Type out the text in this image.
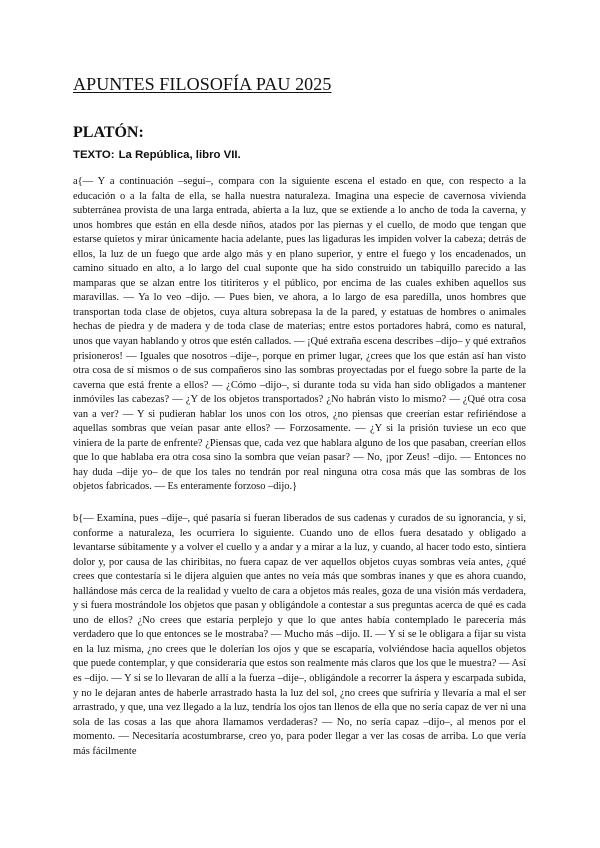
APUNTES FILOSOFÍA PAU 2025
PLATÓN:

TEXTO: La República, libro VII.

a{— Y a continuación –seguí–, compara con la siguiente escena el estado en que, con respecto a la educación o a la falta de ella, se halla nuestra naturaleza. Imagina una especie de cavernosa vivienda subterránea provista de una larga entrada, abierta a la luz, que se extiende a lo ancho de toda la caverna, y unos hombres que están en ella desde niños, atados por las piernas y el cuello, de modo que tengan que estarse quietos y mirar únicamente hacia adelante, pues las ligaduras les impiden volver la cabeza; detrás de ellos, la luz de un fuego que arde algo más y en plano superior, y entre el fuego y los encadenados, un camino situado en alto, a lo largo del cual suponte que ha sido construido un tabiquillo parecido a las mamparas que se alzan entre los titiriteros y el público, por encima de las cuales exhiben aquellos sus maravillas. — Ya lo veo –dijo. — Pues bien, ve ahora, a lo largo de esa paredilla, unos hombres que transportan toda clase de objetos, cuya altura sobrepasa la de la pared, y estatuas de hombres o animales hechas de piedra y de madera y de toda clase de materias; entre estos portadores habrá, como es natural, unos que vayan hablando y otros que estén callados. — ¡Qué extraña escena describes –dijo– y qué extraños prisioneros! — Iguales que nosotros –dije–, porque en primer lugar, ¿crees que los que están así han visto otra cosa de sí mismos o de sus compañeros sino las sombras proyectadas por el fuego sobre la parte de la caverna que está frente a ellos? — ¿Cómo –dijo–, si durante toda su vida han sido obligados a mantener inmóviles las cabezas? — ¿Y de los objetos transportados? ¿No habrán visto lo mismo? — ¿Qué otra cosa van a ver? — Y si pudieran hablar los unos con los otros, ¿no piensas que creerían estar refiriéndose a aquellas sombras que veían pasar ante ellos? — Forzosamente. — ¿Y si la prisión tuviese un eco que viniera de la parte de enfrente? ¿Piensas que, cada vez que hablara alguno de los que pasaban, creerían ellos que lo que hablaba era otra cosa sino la sombra que veían pasar? — No, ¡por Zeus! –dijo. — Entonces no hay duda –dije yo– de que los tales no tendrán por real ninguna otra cosa más que las sombras de los objetos fabricados. — Es enteramente forzoso –dijo.}

b{— Examina, pues –dije–, qué pasaría si fueran liberados de sus cadenas y curados de su ignorancia, y si, conforme a naturaleza, les ocurriera lo siguiente. Cuando uno de ellos fuera desatado y obligado a levantarse súbitamente y a volver el cuello y a andar y a mirar a la luz, y cuando, al hacer todo esto, sintiera dolor y, por causa de las chiribitas, no fuera capaz de ver aquellos objetos cuyas sombras veía antes, ¿qué crees que contestaría si le dijera alguien que antes no veía más que sombras inanes y que es ahora cuando, hallándose más cerca de la realidad y vuelto de cara a objetos más reales, goza de una visión más verdadera, y si fuera mostrándole los objetos que pasan y obligándole a contestar a sus preguntas acerca de qué es cada uno de ellos? ¿No crees que estaría perplejo y que lo que antes había contemplado le parecería más verdadero que lo que entonces se le mostraba? — Mucho más –dijo. II. — Y si se le obligara a fijar su vista en la luz misma, ¿no crees que le dolerían los ojos y que se escaparía, volviéndose hacia aquellos objetos que puede contemplar, y que consideraría que estos son realmente más claros que los que le muestra? — Así es –dijo. — Y si se lo llevaran de allí a la fuerza –dije–, obligándole a recorrer la áspera y escarpada subida, y no le dejaran antes de haberle arrastrado hasta la luz del sol, ¿no crees que sufriría y llevaría a mal el ser arrastrado, y que, una vez llegado a la luz, tendría los ojos tan llenos de ella que no sería capaz de ver ni una sola de las cosas a las que ahora llamamos verdaderas? — No, no sería capaz –dijo–, al menos por el momento. — Necesitaría acostumbrarse, creo yo, para poder llegar a ver las cosas de arriba. Lo que vería más fácilmente
